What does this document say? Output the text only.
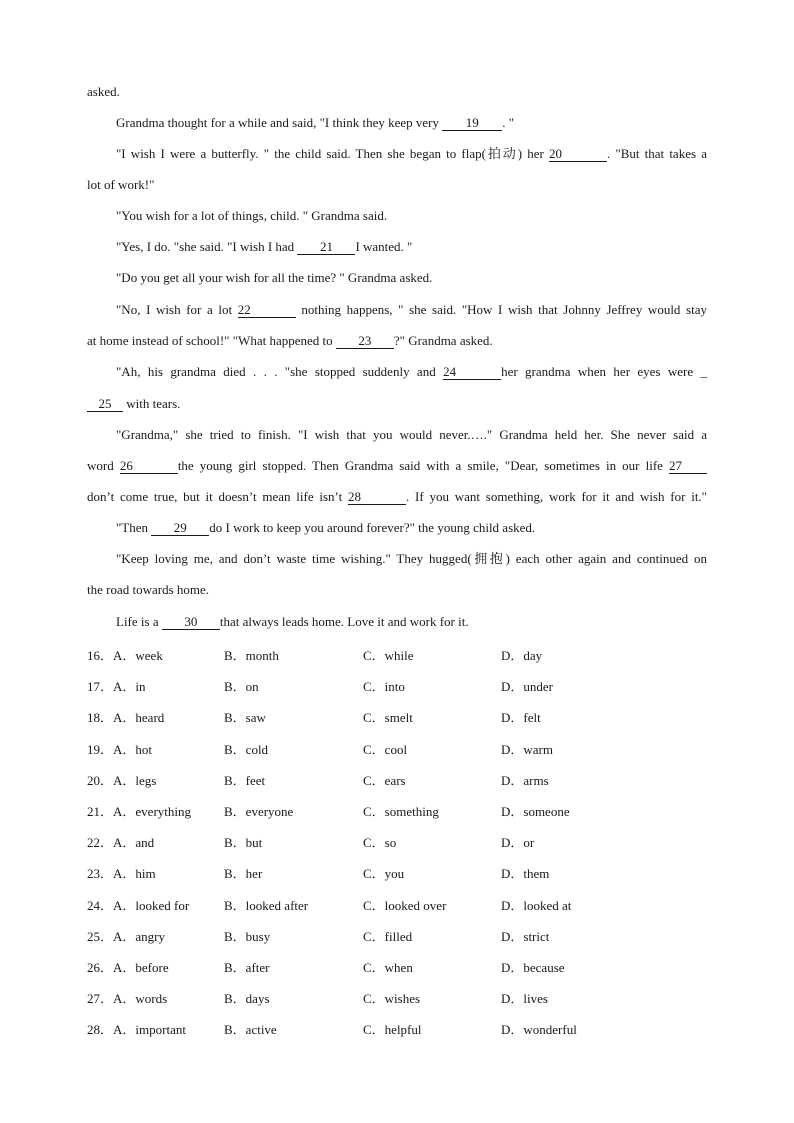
asked.
Grandma thought for a while and said, "I think they keep very 19 . "
"I wish I were a butterfly. " the child said. Then she began to flap(拍动) her 20	. "But that takes a
lot of work!"
"You wish for a lot of things, child. " Grandma said.
"Yes, I do. "she said. "I wish I had 21 I wanted. "
"Do you get all your wish for all the time? " Grandma asked.
"No, I wish for a lot 22	nothing happens, " she said. "How I wish that Johnny Jeffrey would stay
at home instead of school!" "What happened to 23 ?" Grandma asked.
"Ah, his grandma died . . . "she stopped suddenly and 24	her grandma when her eyes were _
25 with tears.
"Grandma," she tried to finish. "I wish that you would never.…." Grandma held her. She never said a
word 26	the young girl stopped. Then Grandma said with a smile, "Dear, sometimes in our life 27
don’t come true, but it doesn’t mean life isn’t 28	. If you want something, work for it and wish for it."
"Then 29 do I work to keep you around forever?" the young child asked.
"Keep loving me, and don’t waste time wishing." They hugged(拥抱) each other again and continued on
the road towards home.
Life is a 30 that always leads home. Love it and work for it.
16．A．week	B．month	C．while	D．day
17．A．in	B．on	C．into	D．under
18．A．heard	B．saw	C．smelt	D．felt
19．A．hot	B．cold	C．cool	D．warm
20．A．legs	B．feet	C．ears	D．arms
21．A．everything	B．everyone	C．something	D．someone
22．A．and	B．but	C．so	D．or
23．A．him	B．her	C．you	D．them
24．A．looked for	B．looked after	C．looked over	D．looked at
25．A．angry	B．busy	C．filled	D．strict
26．A．before	B．after	C．when	D．because
27．A．words	B．days	C．wishes	D．lives
28．A．important	B．active	C．helpful	D．wonderful
